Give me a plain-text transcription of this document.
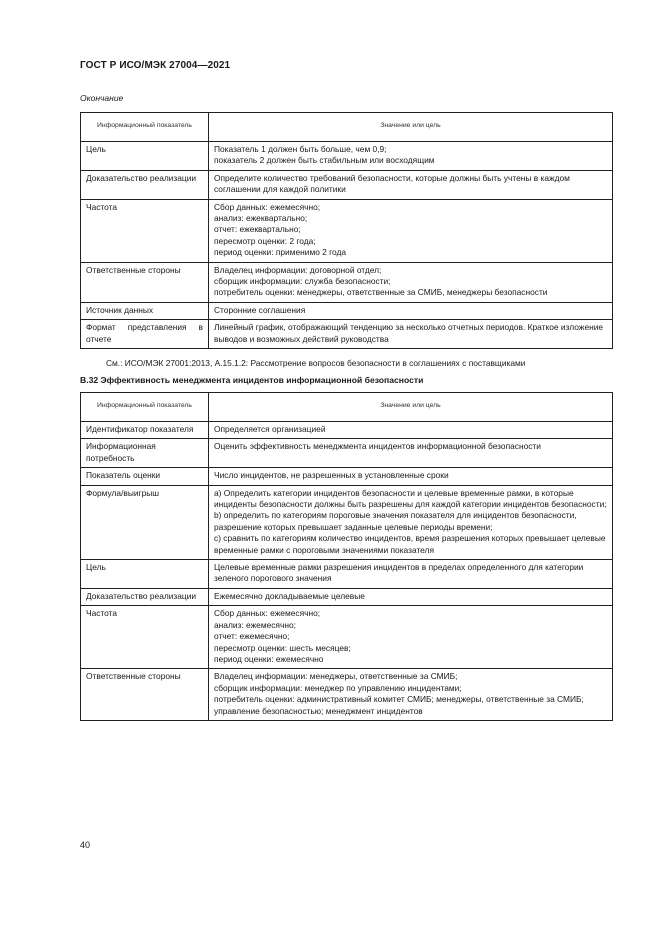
ГОСТ Р ИСО/МЭК 27004—2021
Окончание
Информационный показатель	Значение или цель
Цель	Показатель 1 должен быть больше, чем 0,9;
показатель 2 должен быть стабильным или восходящим

Доказательство реализации	Определите количество требований безопасности, которые должны быть учтены в каждом соглашении для каждой политики

Частота	Сбор данных: ежемесячно;
анализ: ежеквартально;
отчет: ежеквартально;
пересмотр оценки: 2 года;
период оценки: применимо 2 года

Ответственные стороны	Владелец информации: договорной отдел;
сборщик информации: служба безопасности;
потребитель оценки: менеджеры, ответственные за СМИБ, менеджеры безопасности

Источник данных	Сторонние соглашения

Формат представления в отчете	Линейный график, отображающий тенденцию за несколько отчетных периодов. Краткое изложение выводов и возможных действий руководства
См.: ИСО/МЭК 27001:2013, А.15.1.2: Рассмотрение вопросов безопасности в соглашениях с поставщиками
В.32 Эффективность менеджмента инцидентов информационной безопасности
Информационный показатель	Значение или цель
Идентификатор показателя	Определяется организацией

Информационная потребность	Оценить эффективность менеджмента инцидентов информационной безопасности

Показатель оценки	Число инцидентов, не разрешенных в установленные сроки

Формула/выигрыш	а) Определить категории инцидентов безопасности и целевые временные рамки, в которые инциденты безопасности должны быть разрешены для каждой категории инцидентов безопасности;
b) определить по категориям пороговые значения показателя для инцидентов безопасности, разрешение которых превышает заданные целевые периоды времени;
с) сравнить по категориям количество инцидентов, время разрешения которых превышает целевые временные рамки с пороговыми значениями показателя

Цель	Целевые временные рамки разрешения инцидентов в пределах определенного для категории зеленого порогового значения

Доказательство реализации	Ежемесячно докладываемые целевые

Частота	Сбор данных: ежемесячно;
анализ: ежемесячно;
отчет: ежемесячно;
пересмотр оценки: шесть месяцев;
период оценки: ежемесячно

Ответственные стороны	Владелец информации: менеджеры, ответственные за СМИБ;
сборщик информации: менеджер по управлению инцидентами;
потребитель оценки: административный комитет СМИБ; менеджеры, ответственные за СМИБ; управление безопасностью; менеджмент инцидентов
40
